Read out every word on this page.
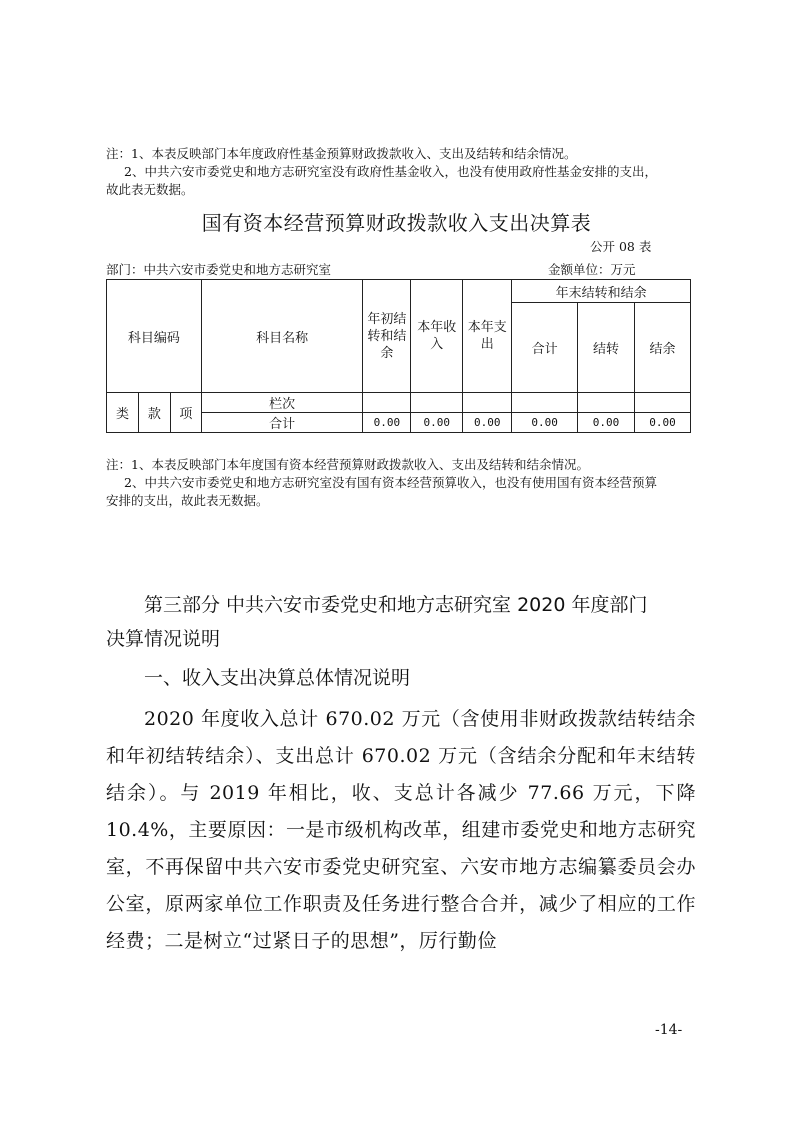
注：1、本表反映部门本年度政府性基金预算财政拨款收入、支出及结转和结余情况。
2、中共六安市委党史和地方志研究室没有政府性基金收入，也没有使用政府性基金安排的支出，
故此表无数据。
国有资本经营预算财政拨款收入支出决算表
公开 08 表
部门：中共六安市委党史和地方志研究室	金额单位：万元
科目编码			科目名称	年初结转和结余	本年收入	本年支出	年末结转和结余		
							合计	结转	结余
类	款	项	栏次						
			合计	0.00	0.00	0.00	0.00	0.00	0.00
注：1、本表反映部门本年度国有资本经营预算财政拨款收入、支出及结转和结余情况。
2、中共六安市委党史和地方志研究室没有国有资本经营预算收入，也没有使用国有资本经营预算
安排的支出，故此表无数据。
第三部分 中共六安市委党史和地方志研究室 2020 年度部门
决算情况说明
一、收入支出决算总体情况说明
2020 年度收入总计 670.02 万元（含使用非财政拨款结转结余和年初结转结余）、支出总计 670.02 万元（含结余分配和年末结转结余）。与 2019 年相比，收、支总计各减少 77.66 万元，下降 10.4%，主要原因：一是市级机构改革，组建市委党史和地方志研究室，不再保留中共六安市委党史研究室、六安市地方志编纂委员会办公室，原两家单位工作职责及任务进行整合合并，减少了相应的工作经费；二是树立“过紧日子的思想”，厉行勤俭
-14-
